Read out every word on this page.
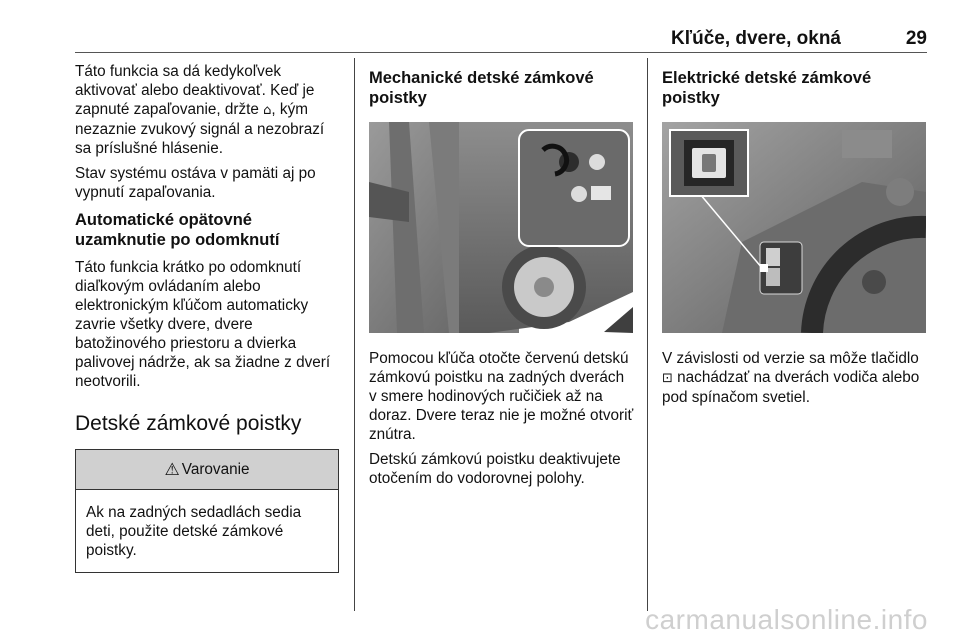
Kľúče, dvere, okná	29

Táto funkcia sa dá kedykoľvek aktivovať alebo deaktivovať. Keď je zapnuté zapaľovanie, držte ⌂, kým nezaznie zvukový signál a nezobrazí sa príslušné hlásenie.

Stav systému ostáva v pamäti aj po vypnutí zapaľovania.

Automatické opätovné uzamknutie po odomknutí

Táto funkcia krátko po odomknutí diaľkovým ovládaním alebo elektronickým kľúčom automaticky zavrie všetky dvere, dvere batožinového priestoru a dvierka palivovej nádrže, ak sa žiadne z dverí neotvorili.

Detské zámkové poistky
⚠ Varovanie
Ak na zadných sedadlách sedia deti, použite detské zámkové poistky.
Mechanické detské zámkové poistky

Pomocou kľúča otočte červenú detskú zámkovú poistku na zadných dverách v smere hodinových ručičiek až na doraz. Dvere teraz nie je možné otvoriť znútra.

Detskú zámkovú poistku deaktivujete otočením do vodorovnej polohy.

Elektrické detské zámkové poistky

V závislosti od verzie sa môže tlačidlo ⊡ nachádzať na dverách vodiča alebo pod spínačom svetiel.

carmanualsonline.info
